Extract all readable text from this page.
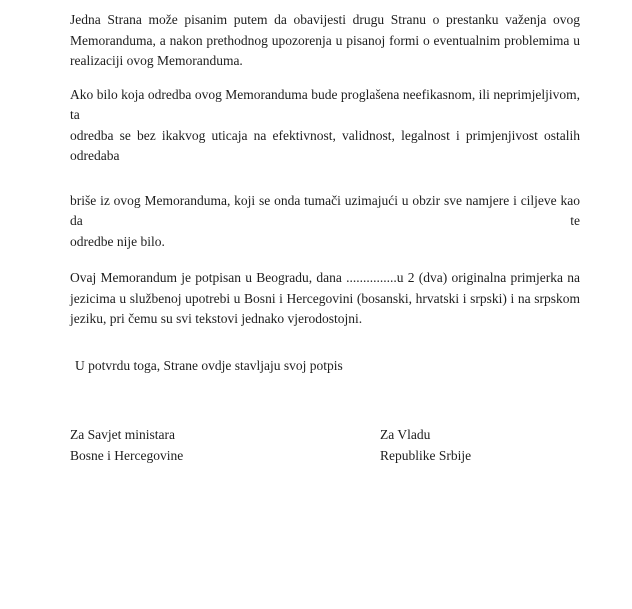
Jedna Strana može pisanim putem da obavijesti drugu Stranu o prestanku važenja ovog
Memoranduma, a nakon prethodnog upozorenja u pisanoj formi o eventualnim problemima u
realizaciji ovog Memoranduma.

Ako bilo koja odredba ovog Memoranduma bude proglašena neefikasnom, ili neprimjeljivom, ta
odredba se bez ikakvog uticaja na efektivnost, validnost, legalnost i primjenjivost ostalih odredaba

briše iz ovog Memoranduma, koji se onda tumači uzimajući u obzir sve namjere i ciljeve kao da te
odredbe nije bilo.

Ovaj Memorandum je potpisan u Beogradu, dana ...............u 2 (dva) originalna primjerka na
jezicima u službenoj upotrebi u Bosni i Hercegovini (bosanski, hrvatski i srpski) i na srpskom
jeziku, pri čemu su svi tekstovi jednako vjerodostojni.

U potvrdu toga, Strane ovdje stavljaju svoj potpis

Za Savjet ministara
Bosne i Hercegovine
Za Vladu
Republike Srbije
